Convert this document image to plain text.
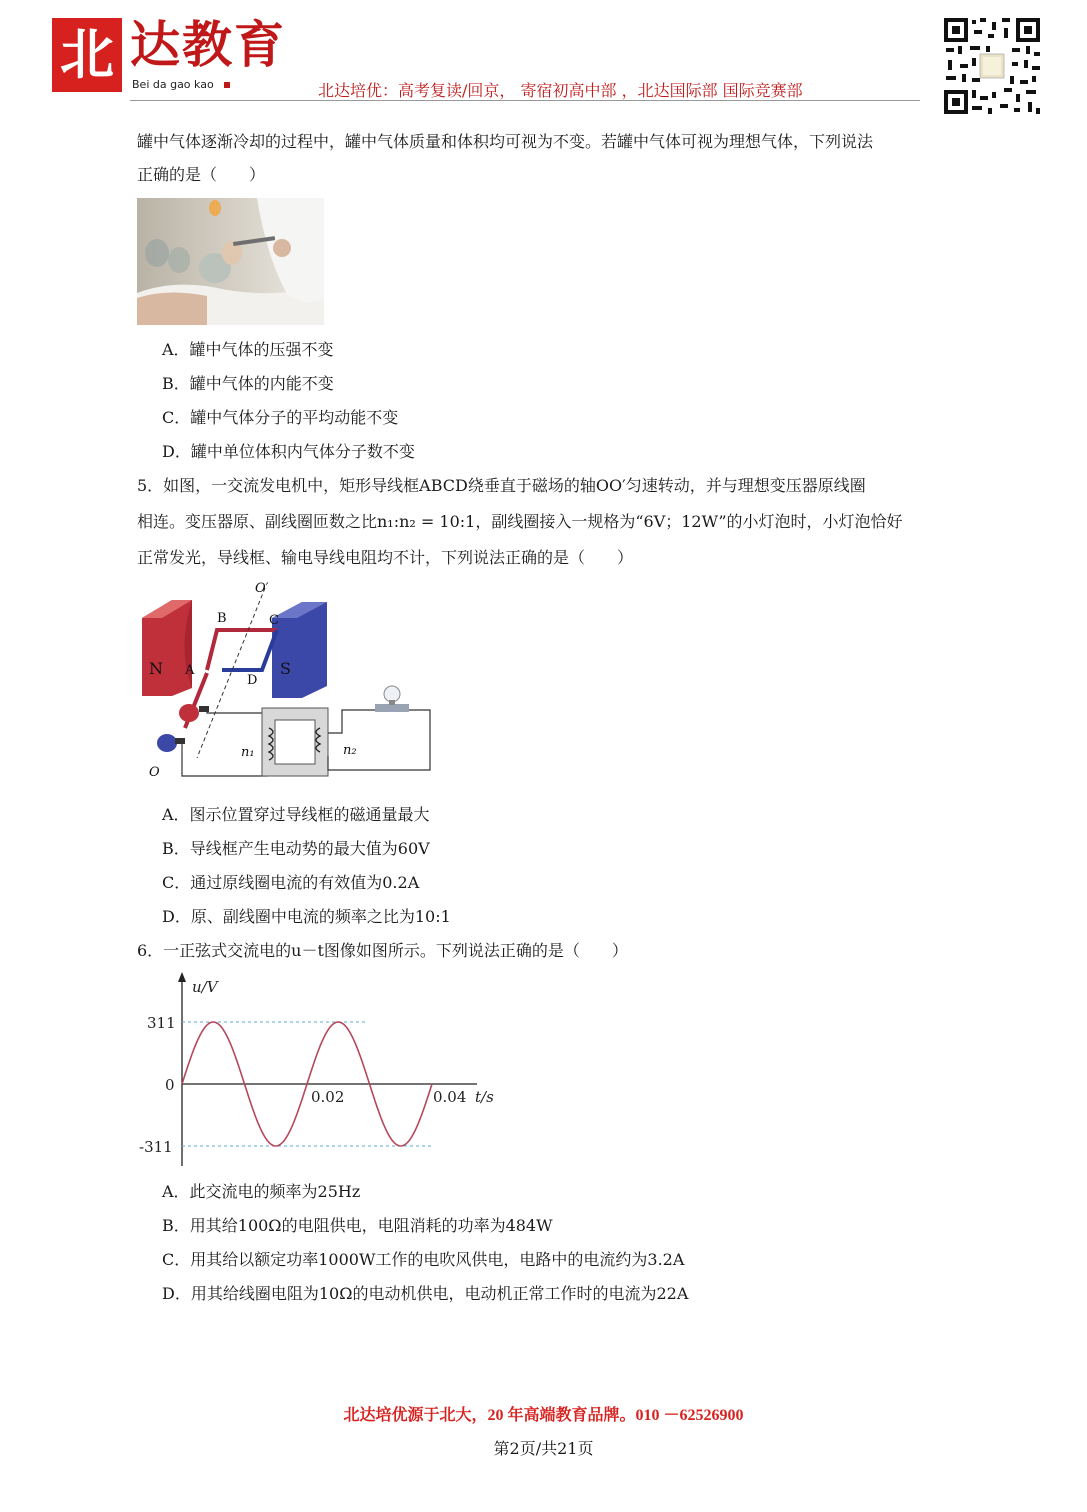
北 达教育
Bei da gao kao	北达培优：高考复读/回京， 寄宿初高中部 ，北达国际部 国际竞赛部
罐中气体逐渐冷却的过程中，罐中气体质量和体积均可视为不变。若罐中气体可视为理想气体，下列说法
正确的是（　　）
A．罐中气体的压强不变
B．罐中气体的内能不变
C．罐中气体分子的平均动能不变
D．罐中单位体积内气体分子数不变
5．如图，一交流发电机中，矩形导线框ABCD绕垂直于磁场的轴OO′匀速转动，并与理想变压器原线圈
相连。变压器原、副线圈匝数之比n₁:n₂ = 10:1，副线圈接入一规格为“6V；12W”的小灯泡时，小灯泡恰好
正常发光，导线框、输电导线电阻均不计，下列说法正确的是（　　）
N	S
B	C
A
D
O′
O
n₁	n₂
A．图示位置穿过导线框的磁通量最大
B．导线框产生电动势的最大值为60V
C．通过原线圈电流的有效值为0.2A
D．原、副线圈中电流的频率之比为10:1
6．一正弦式交流电的u－t图像如图所示。下列说法正确的是（　　）
u/V
311
0
-311
0.02	0.04 t/s
A．此交流电的频率为25Hz
B．用其给100Ω的电阻供电，电阻消耗的功率为484W
C．用其给以额定功率1000W工作的电吹风供电，电路中的电流约为3.2A
D．用其给线圈电阻为10Ω的电动机供电，电动机正常工作时的电流为22A
北达培优源于北大，20 年高端教育品牌。010 －62526900
第2页/共21页
